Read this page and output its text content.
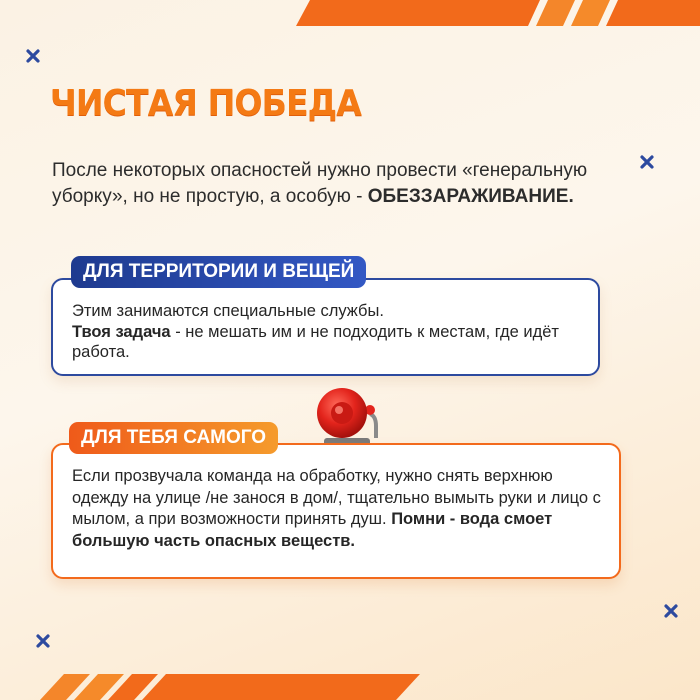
ЧИСТАЯ ПОБЕДА

После некоторых опасностей нужно провести «генеральную уборку», но не простую, а особую - ОБЕЗЗАРАЖИВАНИЕ.

Этим занимаются специальные службы.
Твоя задача - не мешать им и не подходить к местам, где идёт работа.

ДЛЯ ТЕРРИТОРИИ И ВЕЩЕЙ

Если прозвучала команда на обработку, нужно снять верхнюю одежду на улице /не занося в дом/, тщательно вымыть руки и лицо с мылом, а при возможности принять душ. Помни - вода смоет большую часть опасных веществ.

ДЛЯ ТЕБЯ САМОГО
